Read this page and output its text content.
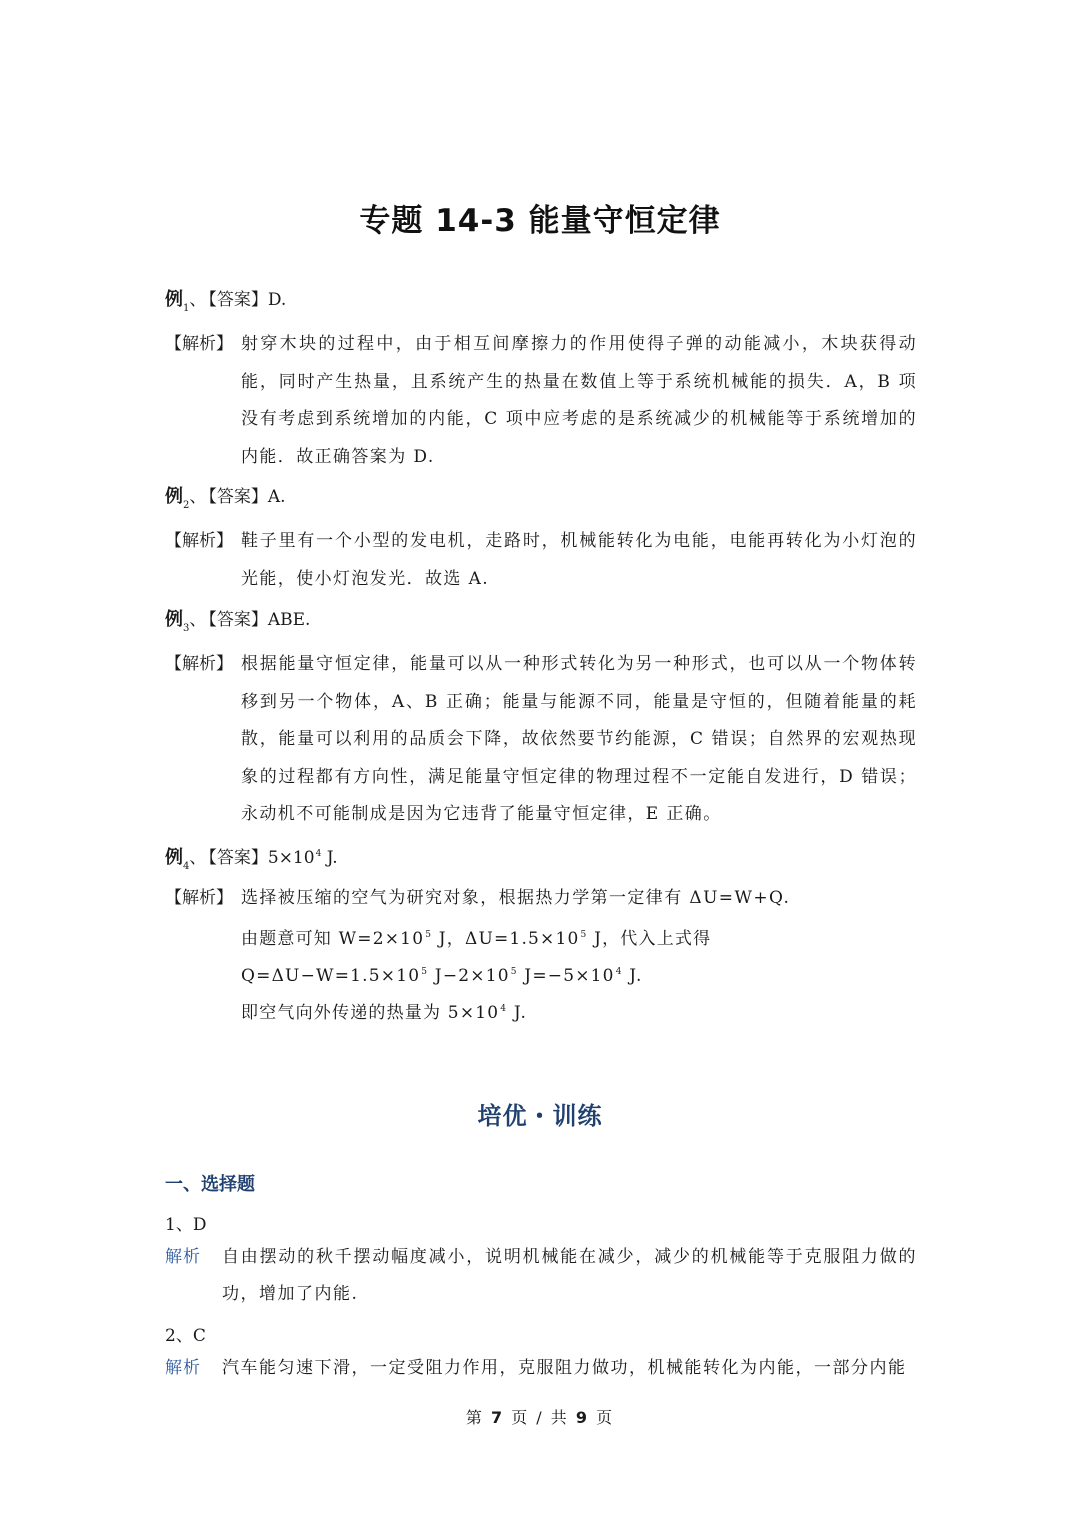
专题 14-3 能量守恒定律
例$_1$、 【答案】D.
【解析】 射穿木块的过程中，由于相互间摩擦力的作用使得子弹的动能减小，木块获得动能，同时产生热量，且系统产生的热量在数值上等于系统机械能的损失．A，B 项没有考虑到系统增加的内能，C 项中应考虑的是系统减少的机械能等于系统增加的内能．故正确答案为 D.
例$_2$、 【答案】A.
【解析】 鞋子里有一个小型的发电机，走路时，机械能转化为电能，电能再转化为小灯泡的光能，使小灯泡发光．故选 A.
例$_3$、 【答案】ABE.
【解析】 根据能量守恒定律，能量可以从一种形式转化为另一种形式，也可以从一个物体转移到另一个物体，A、B 正确；能量与能源不同，能量是守恒的，但随着能量的耗散，能量可以利用的品质会下降，故依然要节约能源，C 错误；自然界的宏观热现象的过程都有方向性，满足能量守恒定律的物理过程不一定能自发进行，D 错误；永动机不可能制成是因为它违背了能量守恒定律，E 正确。
例$_4$、 【答案】$5\times 10^4$ J.
【解析】 选择被压缩的空气为研究对象，根据热力学第一定律有 ΔU=W+Q.
由题意可知 $W=2\times 10^5$ J，$\Delta U=1.5\times 10^5$ J，代入上式得
$Q=\Delta U-W=1.5\times 10^5$ $J-2\times 10^5$ $J=-5\times 10^4$ J.
即空气向外传递的热量为 $5\times 10^4$ J.
培优・训练
一、选择题
1、D
解析	自由摆动的秋千摆动幅度减小，说明机械能在减少，减少的机械能等于克服阻力做的功，增加了内能.
2、C
解析	汽车能匀速下滑，一定受阻力作用，克服阻力做功，机械能转化为内能，一部分内能
第 7 页 / 共 9 页
